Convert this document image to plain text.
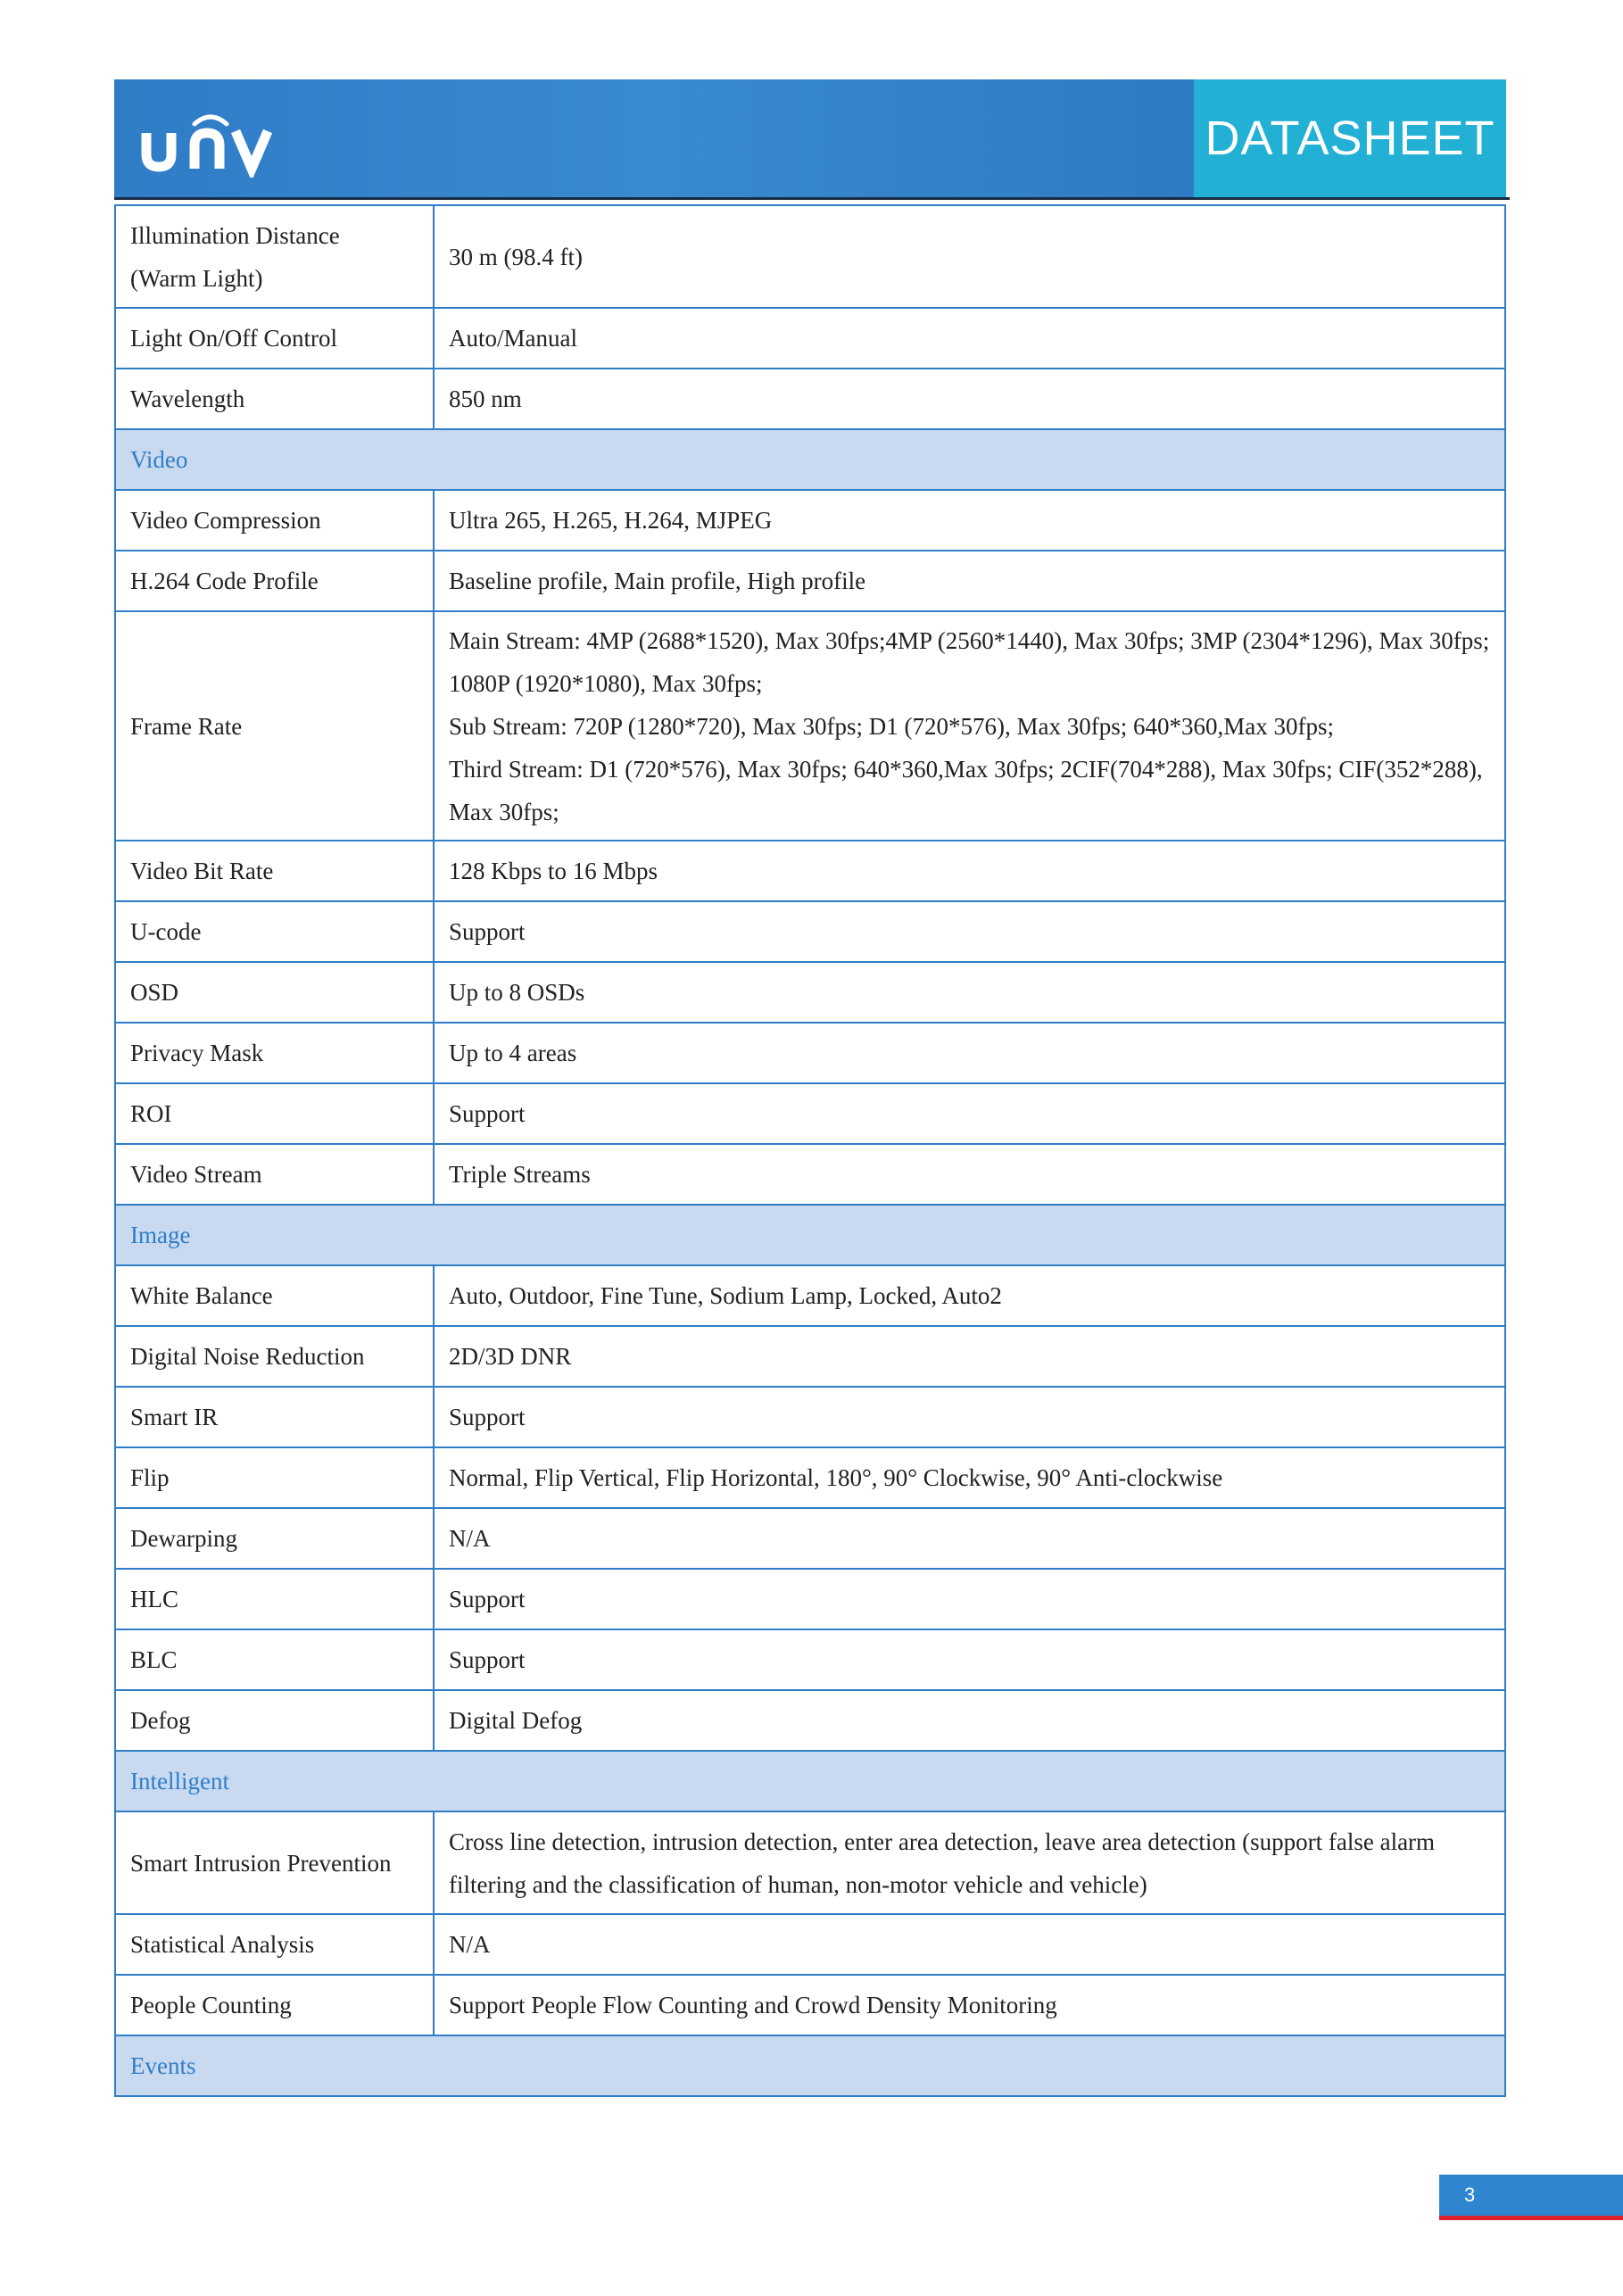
DATASHEET
Illumination Distance
(Warm Light)	30 m (98.4 ft)
Light On/Off Control	Auto/Manual
Wavelength	850 nm
Video	
Video Compression	Ultra 265, H.265, H.264, MJPEG
H.264 Code Profile	Baseline profile, Main profile, High profile
Frame Rate	Main Stream: 4MP (2688*1520), Max 30fps;4MP (2560*1440), Max 30fps; 3MP (2304*1296), Max 30fps; 1080P (1920*1080), Max 30fps;
Sub Stream: 720P (1280*720), Max 30fps; D1 (720*576), Max 30fps; 640*360,Max 30fps;
Third Stream: D1 (720*576), Max 30fps; 640*360,Max 30fps; 2CIF(704*288), Max 30fps; CIF(352*288), Max 30fps;
Video Bit Rate	128 Kbps to 16 Mbps
U-code	Support
OSD	Up to 8 OSDs
Privacy Mask	Up to 4 areas
ROI	Support
Video Stream	Triple Streams
Image	
White Balance	Auto, Outdoor, Fine Tune, Sodium Lamp, Locked, Auto2
Digital Noise Reduction	2D/3D DNR
Smart IR	Support
Flip	Normal, Flip Vertical, Flip Horizontal, 180°, 90° Clockwise, 90° Anti-clockwise
Dewarping	N/A
HLC	Support
BLC	Support
Defog	Digital Defog
Intelligent	
Smart Intrusion Prevention	Cross line detection, intrusion detection, enter area detection, leave area detection (support false alarm filtering and the classification of human, non-motor vehicle and vehicle)
Statistical Analysis	N/A
People Counting	Support People Flow Counting and Crowd Density Monitoring
Events	
3
